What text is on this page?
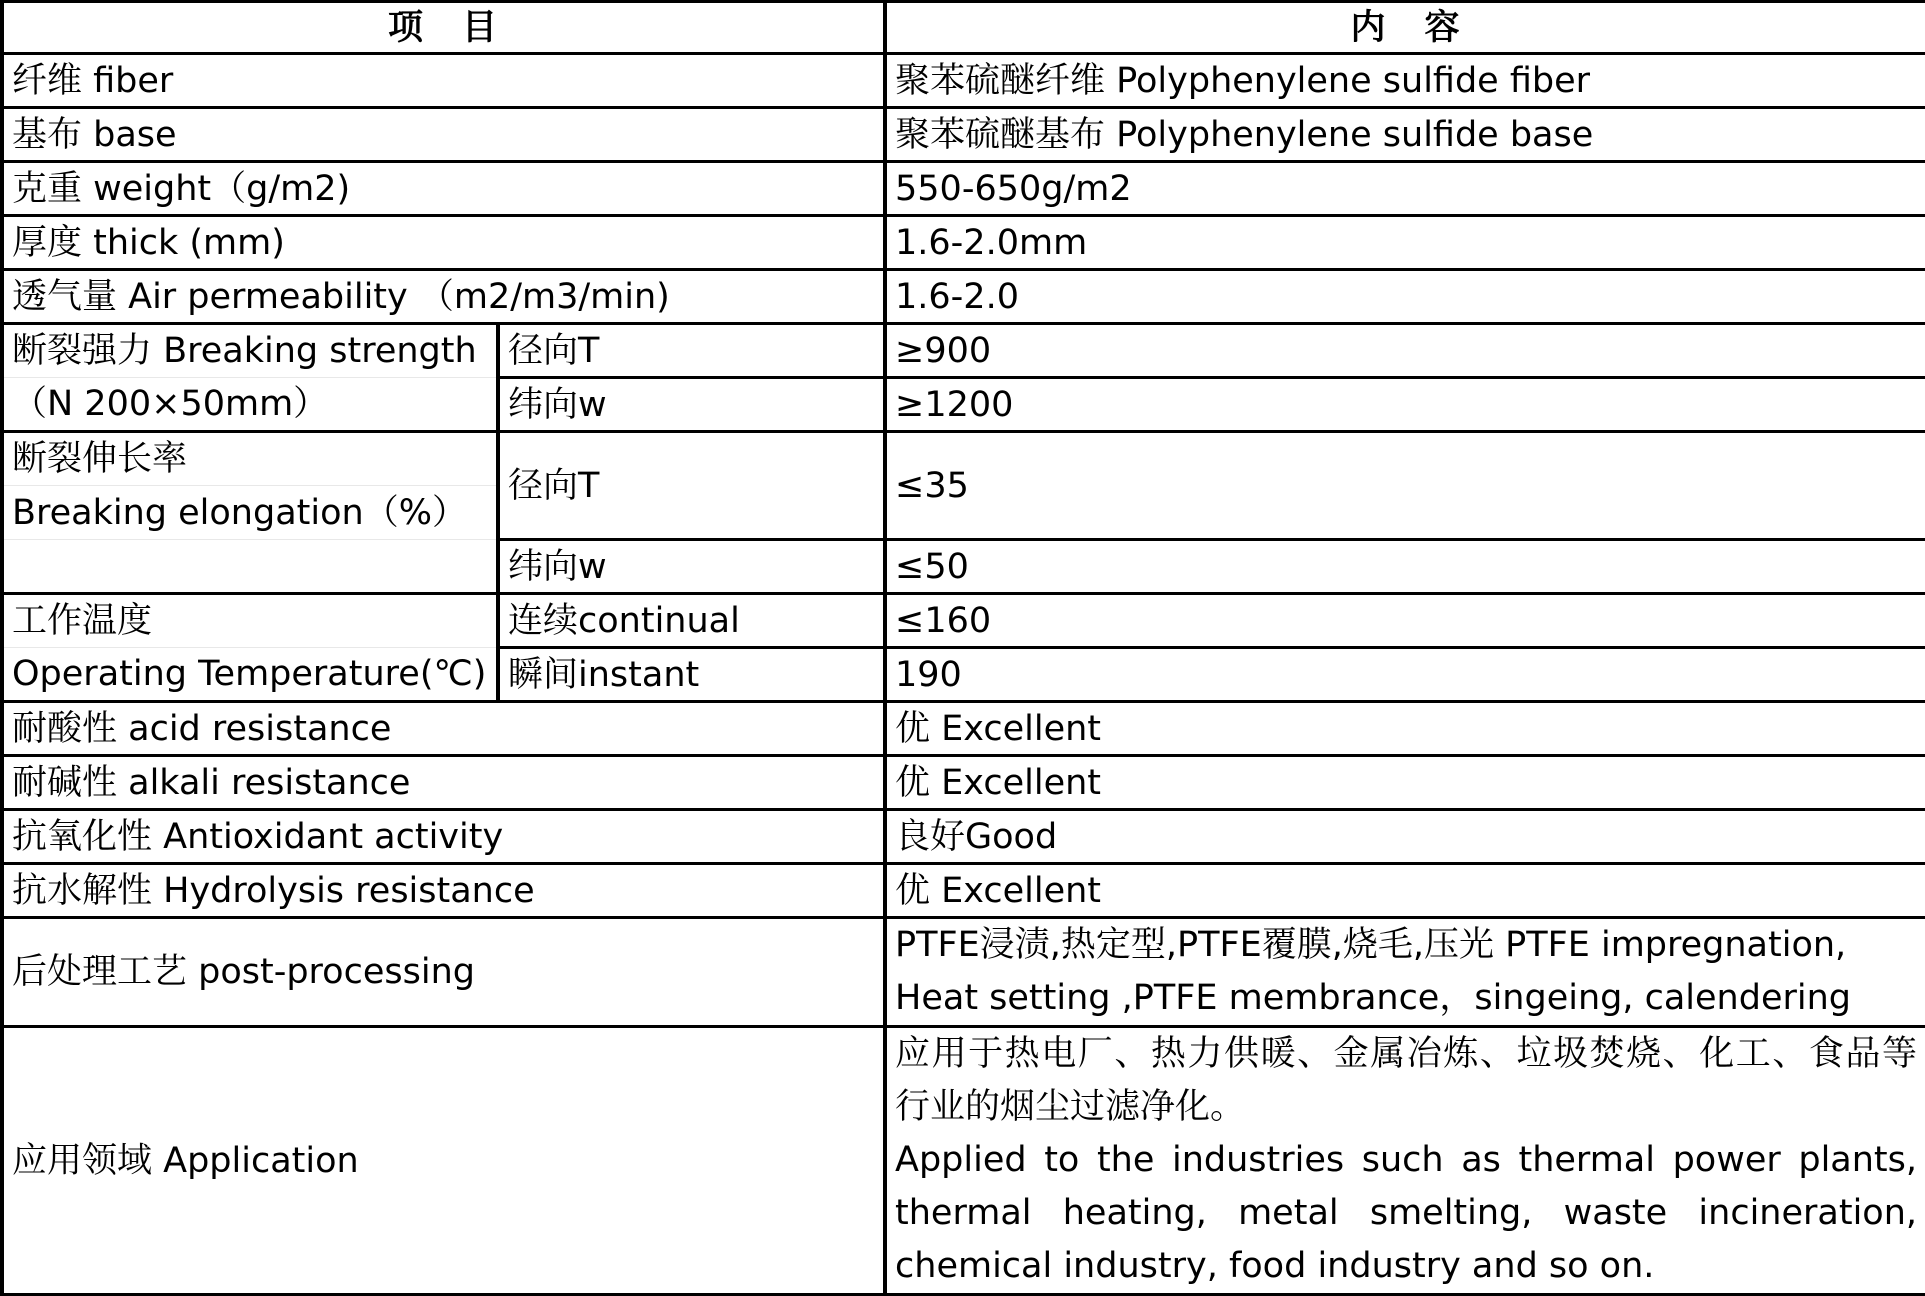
项　目		内　容
纤维 fiber		聚苯硫醚纤维 Polyphenylene sulfide fiber
基布 base		聚苯硫醚基布 Polyphenylene sulfide base
克重 weight（g/m2)		550-650g/m2
厚度 thick (mm)		1.6-2.0mm
透气量 Air permeability （m2/m3/min)		1.6-2.0
断裂强力 Breaking strength	径向T	≥900
（N 200×50mm）	纬向w	≥1200
断裂伸长率	径向T	≤35
Breaking elongation（%）		
	纬向w	≤50
工作温度	连续continual	≤160
Operating Temperature(℃)	瞬间instant	190
耐酸性 acid resistance		优 Excellent
耐碱性 alkali resistance		优 Excellent
抗氧化性 Antioxidant activity		良好Good
抗水解性 Hydrolysis resistance		优 Excellent
后处理工艺 post-processing		PTFE浸渍,热定型,PTFE覆膜,烧毛,压光 PTFE impregnation,
Heat setting ,PTFE membrance，singeing, calendering

应用领域 Application		应用于热电厂、热力供暖、金属冶炼、垃圾焚烧、化工、食品等
行业的烟尘过滤净化。
Applied to the industries such as thermal power plants,
thermal heating, metal smelting, waste incineration,
chemical industry, food industry and so on.
